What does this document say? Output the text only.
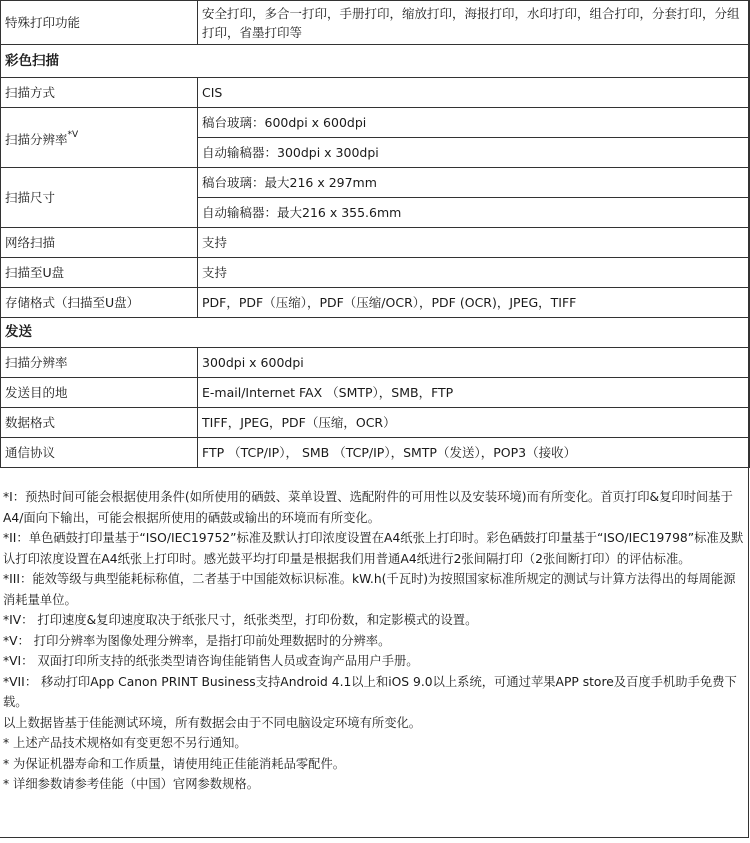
特殊打印功能	安全打印，多合一打印，手册打印，缩放打印，海报打印，水印打印，组合打印，分套打印，分组打印，省墨打印等
彩色扫描	
扫描方式	CIS
扫描分辨率$^{*V}$	稿台玻璃：600dpi x 600dpi
	自动输稿器：300dpi x 300dpi
扫描尺寸	稿台玻璃：最大216 x 297mm
	自动输稿器：最大216 x 355.6mm
网络扫描	支持
扫描至U盘	支持
存储格式（扫描至U盘）	PDF，PDF（压缩），PDF（压缩/OCR），PDF (OCR)，JPEG，TIFF
发送	
扫描分辨率	300dpi x 600dpi
发送目的地	E-mail/Internet FAX （SMTP），SMB，FTP
数据格式	TIFF，JPEG，PDF（压缩，OCR）
通信协议	FTP （TCP/IP）， SMB （TCP/IP），SMTP（发送），POP3（接收）

*I：预热时间可能会根据使用条件(如所使用的硒鼓、菜单设置、选配附件的可用性以及安装环境)而有所变化。首页打印&复印时间基于A4/面向下输出，可能会根据所使用的硒鼓或输出的环境而有所变化。

*II：单色硒鼓打印量基于“ISO/IEC19752”标准及默认打印浓度设置在A4纸张上打印时。彩色硒鼓打印量基于“ISO/IEC19798”标准及默认打印浓度设置在A4纸张上打印时。感光鼓平均打印量是根据我们用普通A4纸进行2张间隔打印（2张间断打印）的评估标准。

*III：能效等级与典型能耗标称值，二者基于中国能效标识标准。kW.h(千瓦时)为按照国家标准所规定的测试与计算方法得出的每周能源消耗量单位。

*IV： 打印速度&复印速度取决于纸张尺寸，纸张类型，打印份数，和定影模式的设置。

*V： 打印分辨率为图像处理分辨率，是指打印前处理数据时的分辨率。

*VI： 双面打印所支持的纸张类型请咨询佳能销售人员或查询产品用户手册。

*VII： 移动打印App Canon PRINT Business支持Android 4.1以上和iOS 9.0以上系统，可通过苹果APP store及百度手机助手免费下载。

以上数据皆基于佳能测试环境，所有数据会由于不同电脑设定环境有所变化。

* 上述产品技术规格如有变更恕不另行通知。

* 为保证机器寿命和工作质量，请使用纯正佳能消耗品零配件。

* 详细参数请参考佳能（中国）官网参数规格。
